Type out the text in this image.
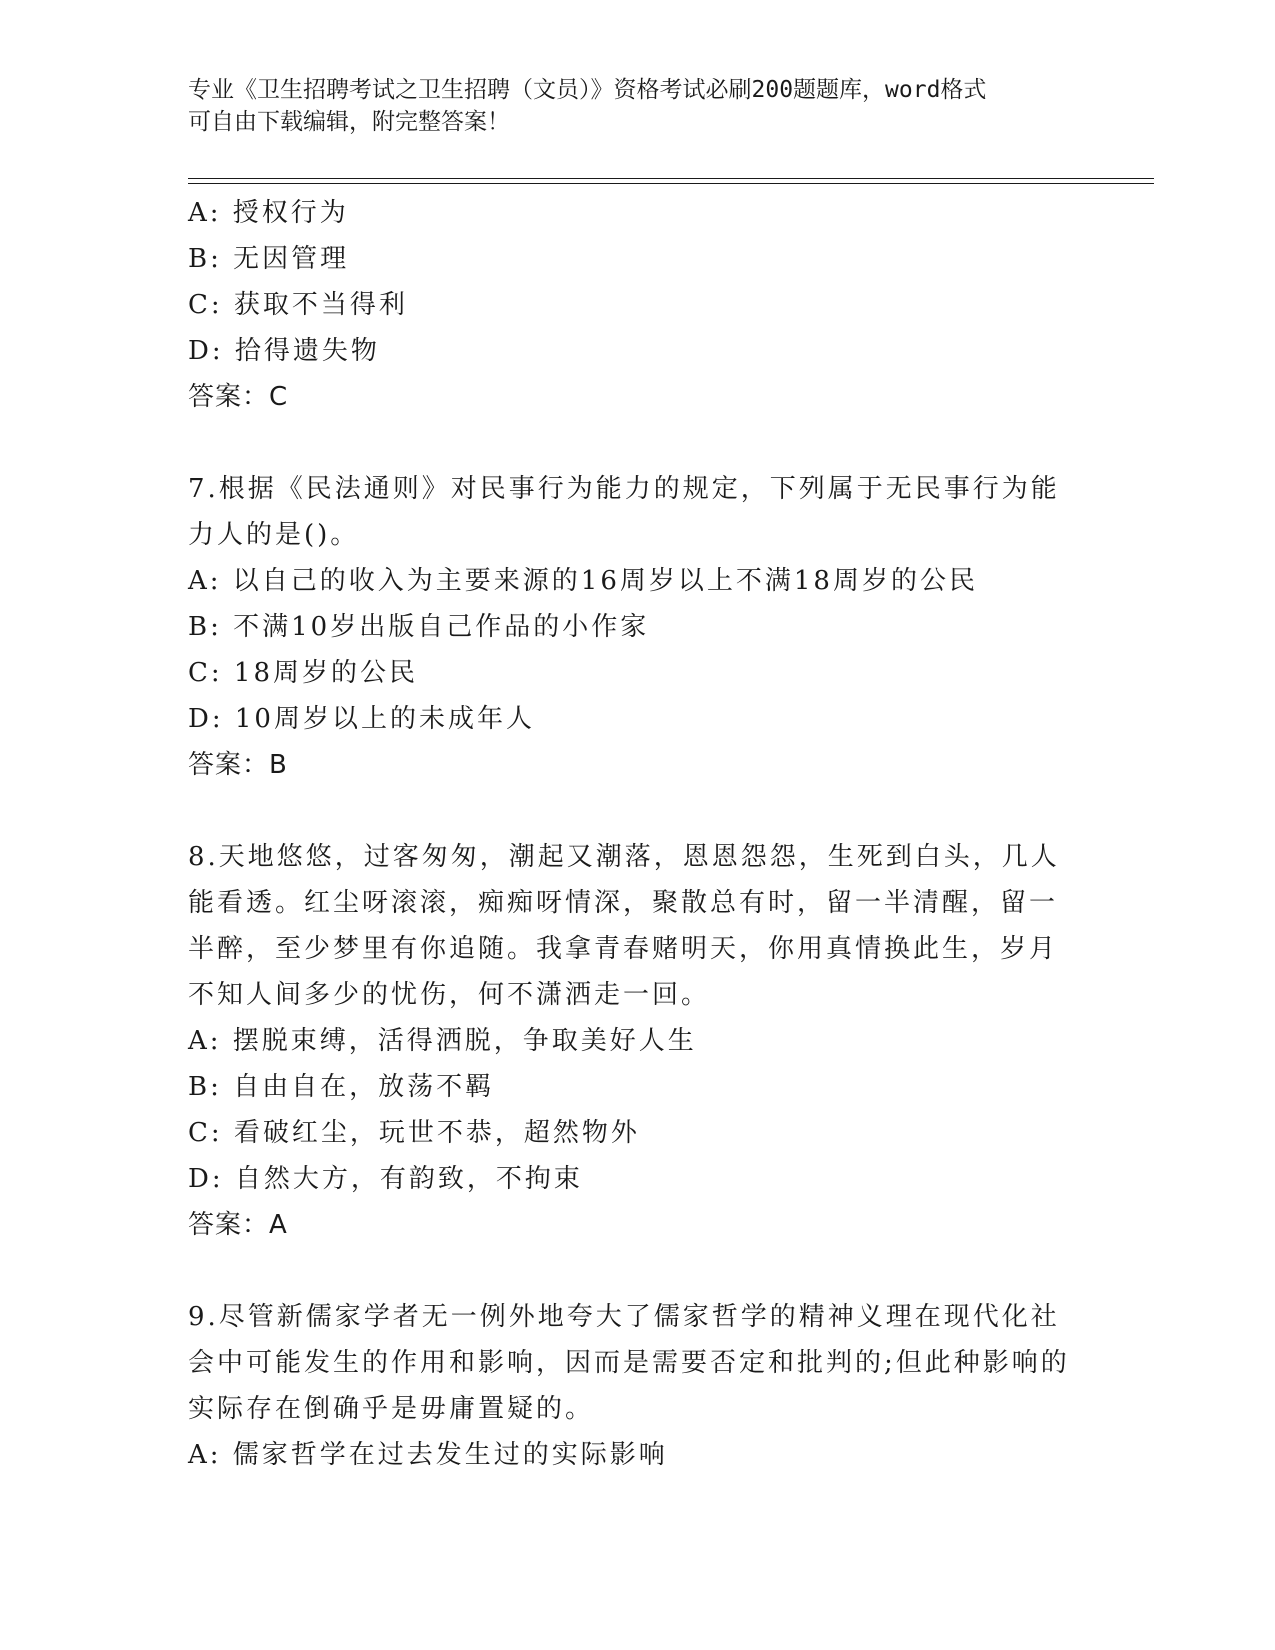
专业《卫生招聘考试之卫生招聘（文员）》资格考试必刷200题题库，word格式
可自由下载编辑，附完整答案！
A: 授权行为
B: 无因管理
C: 获取不当得利
D: 拾得遗失物
答案：C
7.根据《民法通则》对民事行为能力的规定，下列属于无民事行为能
力人的是()。
A: 以自己的收入为主要来源的16周岁以上不满18周岁的公民
B: 不满10岁出版自己作品的小作家
C: 18周岁的公民
D: 10周岁以上的未成年人
答案：B
8.天地悠悠，过客匆匆，潮起又潮落，恩恩怨怨，生死到白头，几人
能看透。红尘呀滚滚，痴痴呀情深，聚散总有时，留一半清醒，留一
半醉，至少梦里有你追随。我拿青春赌明天，你用真情换此生，岁月
不知人间多少的忧伤，何不潇洒走一回。
A: 摆脱束缚，活得洒脱，争取美好人生
B: 自由自在，放荡不羁
C: 看破红尘，玩世不恭，超然物外
D: 自然大方，有韵致，不拘束
答案：A
9.尽管新儒家学者无一例外地夸大了儒家哲学的精神义理在现代化社
会中可能发生的作用和影响，因而是需要否定和批判的;但此种影响的
实际存在倒确乎是毋庸置疑的。
A: 儒家哲学在过去发生过的实际影响
